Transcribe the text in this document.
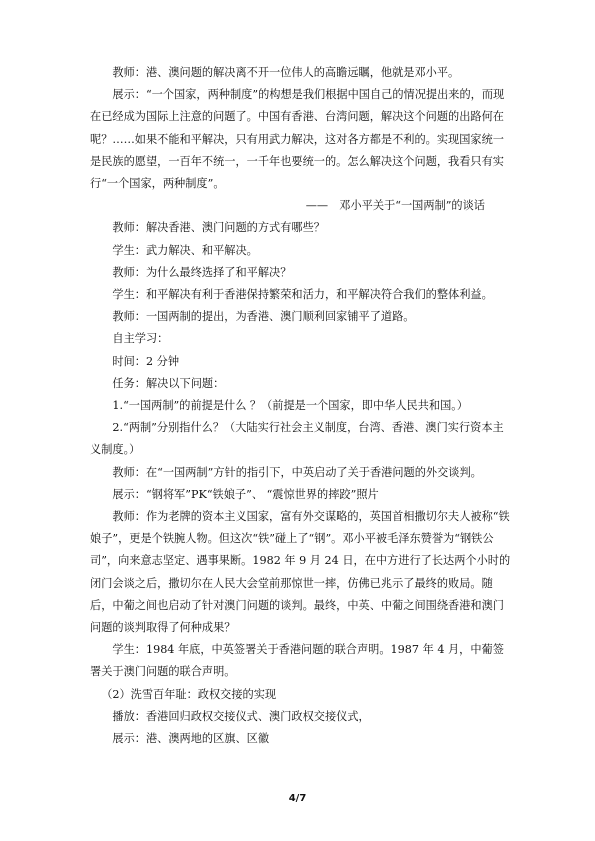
教师：港、澳问题的解决离不开一位伟人的高瞻远瞩，他就是邓小平。

展示：“一个国家，两种制度”的构想是我们根据中国自己的情况提出来的，而现在已经成为国际上注意的问题了。中国有香港、台湾问题，解决这个问题的出路何在呢？……如果不能和平解决，只有用武力解决，这对各方都是不利的。实现国家统一是民族的愿望，一百年不统一，一千年也要统一的。怎么解决这个问题，我看只有实行“一个国家，两种制度”。

——　邓小平关于“一国两制”的谈话

教师：解决香港、澳门问题的方式有哪些？

学生：武力解决、和平解决。

教师：为什么最终选择了和平解决？

学生：和平解决有利于香港保持繁荣和活力，和平解决符合我们的整体利益。

教师：一国两制的提出，为香港、澳门顺利回家铺平了道路。

自主学习：

时间：2 分钟

任务：解决以下问题：

1.“一国两制”的前提是什么 ？（前提是一个国家，即中华人民共和国。）

2.“两制”分别指什么？（大陆实行社会主义制度，台湾、香港、澳门实行资本主义制度。）

教师：在“一国两制”方针的指引下，中英启动了关于香港问题的外交谈判。

展示：“钢将军”PK“铁娘子”、 “震惊世界的摔跤”照片

教师：作为老牌的资本主义国家，富有外交谋略的，英国首相撒切尔夫人被称“铁娘子”，更是个铁腕人物。但这次“铁”碰上了“钢”。邓小平被毛泽东赞誉为“钢铁公司”，向来意志坚定、遇事果断。1982 年 9 月 24 日，在中方进行了长达两个小时的闭门会谈之后，撒切尔在人民大会堂前那惊世一摔，仿佛已兆示了最终的败局。随后，中葡之间也启动了针对澳门问题的谈判。最终，中英、中葡之间围绕香港和澳门问题的谈判取得了何种成果？

学生：1984 年底，中英签署关于香港问题的联合声明。1987 年 4 月，中葡签署关于澳门问题的联合声明。

（2）洗雪百年耻：政权交接的实现

播放：香港回归政权交接仪式、澳门政权交接仪式，

展示：港、澳两地的区旗、区徽

4/7
